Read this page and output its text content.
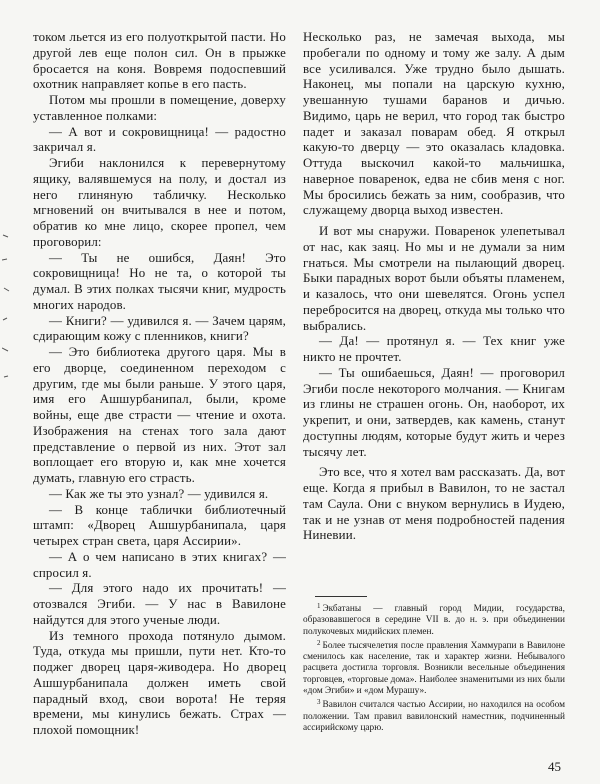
током льется из его полуоткрытой пасти. Но другой лев еще полон сил. Он в прыжке бросается на коня. Вовремя подоспевший охотник направляет копье в его пасть.

Потом мы прошли в помещение, доверху уставленное полками:

— А вот и сокровищница! — радостно закричал я.

Эгиби наклонился к перевернутому ящику, валявшемуся на полу, и достал из него глиняную табличку. Несколько мгновений он вчитывался в нее и потом, обратив ко мне лицо, скорее пропел, чем проговорил:

— Ты не ошибся, Даян! Это сокровищница! Но не та, о которой ты думал. В этих полках тысячи книг, мудрость многих народов.

— Книги? — удивился я. — Зачем царям, сдирающим кожу с пленников, книги?

— Это библиотека другого царя. Мы в его дворце, соединенном переходом с другим, где мы были раньше. У этого царя, имя его Ашшурбанипал, были, кроме войны, еще две страсти — чтение и охота. Изображения на стенах того зала дают представление о первой из них. Этот зал воплощает его вторую и, как мне хочется думать, главную его страсть.

— Как же ты это узнал? — удивился я.

— В конце таблички библиотечный штамп: «Дворец Ашшурбанипала, царя четырех стран света, царя Ассирии».

— А о чем написано в этих книгах? — спросил я.

— Для этого надо их прочитать! — отозвался Эгиби. — У нас в Вавилоне найдутся для этого ученые люди.

Из темного прохода потянуло дымом. Туда, откуда мы пришли, пути нет. Кто-то поджег дворец царя-живодера. Но дворец Ашшурбанипала должен иметь свой парадный вход, свои ворота! Не теряя времени, мы кинулись бежать. Страх — плохой помощник!

Несколько раз, не замечая выхода, мы пробегали по одному и тому же залу. А дым все усиливался. Уже трудно было дышать. Наконец, мы попали на царскую кухню, увешанную тушами баранов и дичью. Видимо, царь не верил, что город так быстро падет и заказал поварам обед. Я открыл какую-то дверцу — это оказалась кладовка. Оттуда выскочил какой-то мальчишка, наверное поваренок, едва не сбив меня с ног. Мы бросились бежать за ним, сообразив, что служащему дворца выход известен.

И вот мы снаружи. Поваренок улепетывал от нас, как заяц. Но мы и не думали за ним гнаться. Мы смотрели на пылающий дворец. Быки парадных ворот были объяты пламенем, и казалось, что они шевелятся. Огонь успел перебросится на дворец, откуда мы только что выбрались.

— Да! — протянул я. — Тех книг уже никто не прочтет.

— Ты ошибаешься, Даян! — проговорил Эгиби после некоторого молчания. — Книгам из глины не страшен огонь. Он, наоборот, их укрепит, и они, затвердев, как камень, станут доступны людям, которые будут жить и через тысячу лет.

Это все, что я хотел вам рассказать. Да, вот еще. Когда я прибыл в Вавилон, то не застал там Саула. Они с внуком вернулись в Иудею, так и не узнав от меня подробностей падения Ниневии.

$^1$ Экбатаны — главный город Мидии, государства, образовавшегося в середине VII в. до н. э. при объединении полукочевых мидийских племен.

$^2$ Более тысячелетия после правления Хаммурапи в Вавилоне сменилось как население, так и характер жизни. Небывалого расцвета достигла торговля. Возникли весельные объединения торговцев, «торговые дома». Наиболее знаменитыми из них были «дом Эгиби» и «дом Мурашу».

$^3$ Вавилон считался частью Ассирии, но находился на особом положении. Там правил вавилонский наместник, подчиненный ассирийскому царю.

45
